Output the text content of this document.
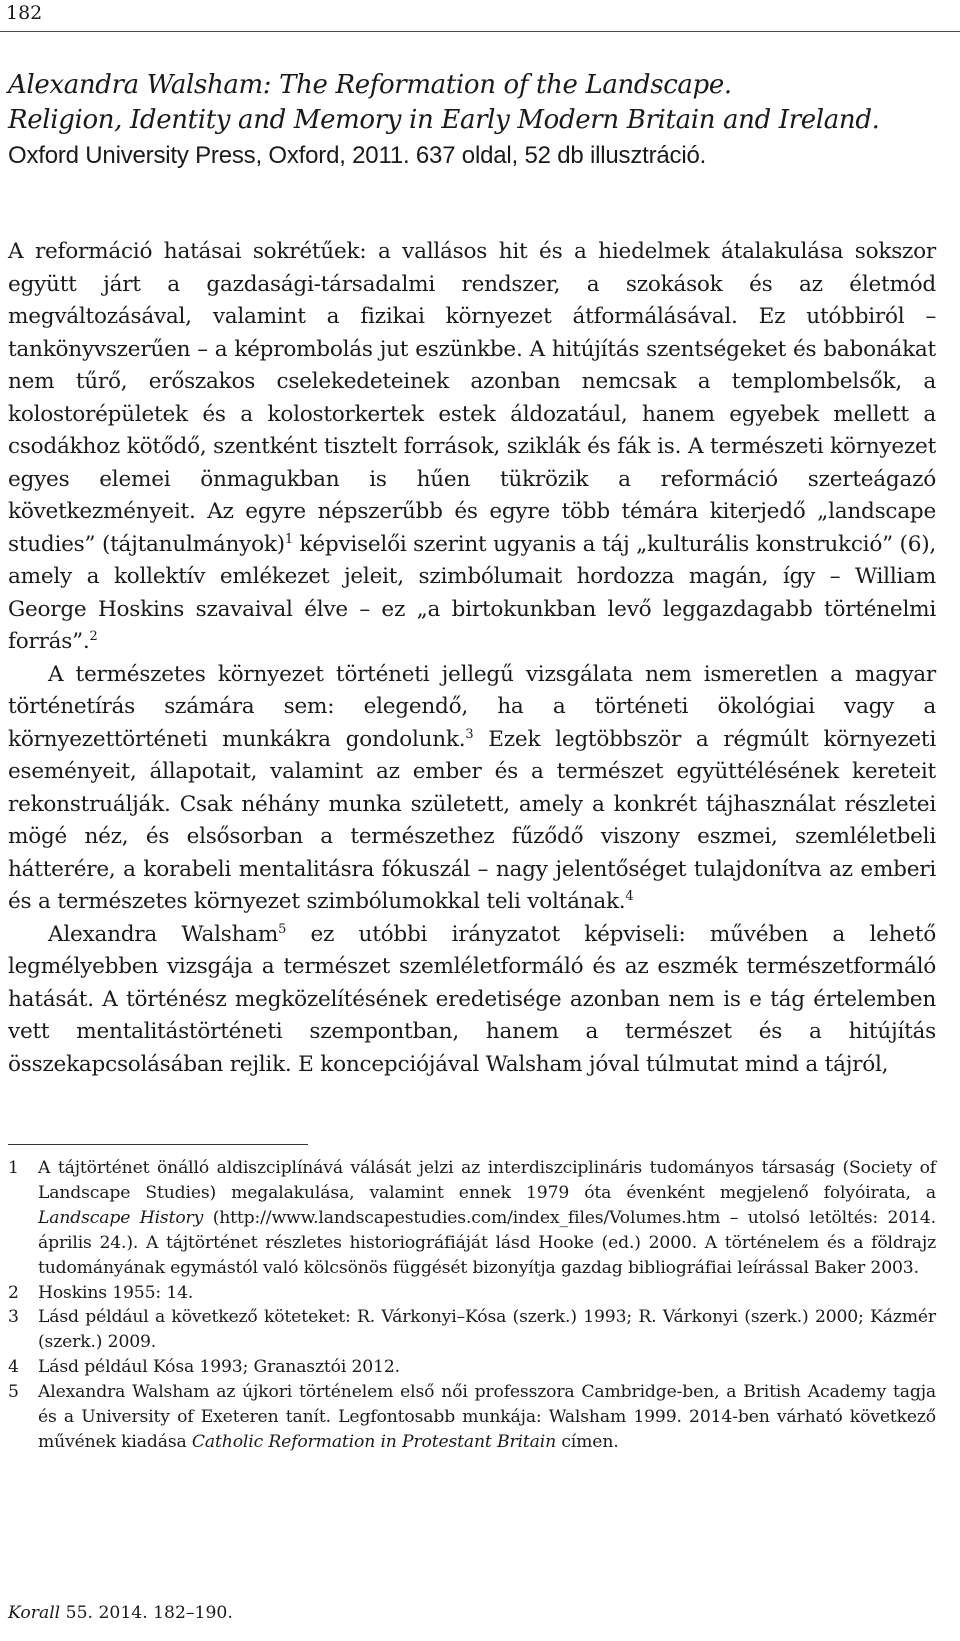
182

Alexandra Walsham: The Reformation of the Landscape.

Religion, Identity and Memory in Early Modern Britain and Ireland.

Oxford University Press, Oxford, 2011. 637 oldal, 52 db illusztráció.

A reformáció hatásai sokrétűek: a vallásos hit és a hiedelmek átalakulása sokszor együtt járt a gazdasági-társadalmi rendszer, a szokások és az életmód megváltozásával, valamint a fizikai környezet átformálásával. Ez utóbbiról – tankönyvszerűen – a képrombolás jut eszünkbe. A hitújítás szentségeket és babonákat nem tűrő, erőszakos cselekedeteinek azonban nemcsak a templombelsők, a kolostorépületek és a kolostorkertek estek áldozatául, hanem egyebek mellett a csodákhoz kötődő, szentként tisztelt források, sziklák és fák is. A természeti környezet egyes elemei önmagukban is hűen tükrözik a reformáció szerteágazó következményeit. Az egyre népszerűbb és egyre több témára kiterjedő „landscape studies” (tájtanulmányok)$^1$ képviselői szerint ugyanis a táj „kulturális konstrukció” (6), amely a kollektív emlékezet jeleit, szimbólumait hordozza magán, így – William George Hoskins szavaival élve – ez „a birtokunkban levő leggazdagabb történelmi forrás”.$^2$

A természetes környezet történeti jellegű vizsgálata nem ismeretlen a magyar történetírás számára sem: elegendő, ha a történeti ökológiai vagy a környezettörténeti munkákra gondolunk.$^3$ Ezek legtöbbször a régmúlt környezeti eseményeit, állapotait, valamint az ember és a természet együttélésének kereteit rekonstruálják. Csak néhány munka született, amely a konkrét tájhasználat részletei mögé néz, és elsősorban a természethez fűződő viszony eszmei, szemléletbeli hátterére, a korabeli mentalitásra fókuszál – nagy jelentőséget tulajdonítva az emberi és a természetes környezet szimbólumokkal teli voltának.$^4$

Alexandra Walsham$^5$ ez utóbbi irányzatot képviseli: művében a lehető legmélyebben vizsgája a természet szemléletformáló és az eszmék természetformáló hatását. A történész megközelítésének eredetisége azonban nem is e tág értelemben vett mentalitástörténeti szempontban, hanem a természet és a hitújítás összekapcsolásában rejlik. E koncepciójával Walsham jóval túlmutat mind a tájról,

1	A tájtörténet önálló aldiszciplínává válását jelzi az interdiszciplináris tudományos társaság (Society of Landscape Studies) megalakulása, valamint ennek 1979 óta évenként megjelenő folyóirata, a Landscape History (http://www.landscapestudies.com/index_files/Volumes.htm – utolsó letöltés: 2014. április 24.). A tájtörténet részletes historiográfiáját lásd Hooke (ed.) 2000. A történelem és a földrajz tudományának egymástól való kölcsönös függését bizonyítja gazdag bibliográfiai leírással Baker 2003.
2	Hoskins 1955: 14.
3	Lásd például a következő köteteket: R. Várkonyi–Kósa (szerk.) 1993; R. Várkonyi (szerk.) 2000; Kázmér (szerk.) 2009.
4	Lásd például Kósa 1993; Granasztói 2012.
5	Alexandra Walsham az újkori történelem első női professzora Cambridge-ben, a British Academy tagja és a University of Exeteren tanít. Legfontosabb munkája: Walsham 1999. 2014-ben várható következő művének kiadása Catholic Reformation in Protestant Britain címen.
Korall 55. 2014. 182–190.
